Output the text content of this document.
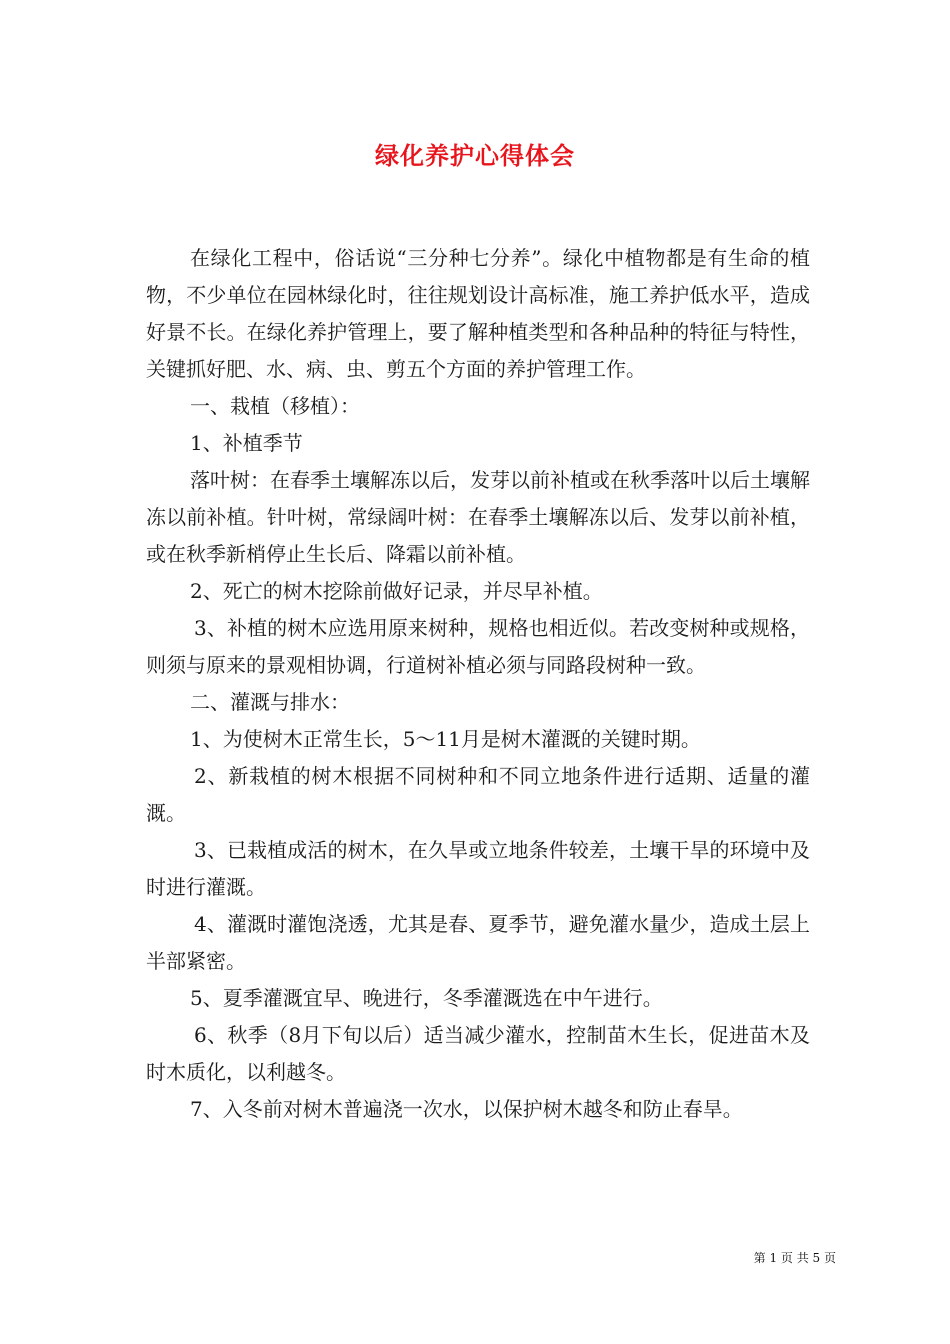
绿化养护心得体会

在绿化工程中，俗话说“三分种七分养”。绿化中植物都是有生命的植物，不少单位在园林绿化时，往往规划设计高标准，施工养护低水平，造成好景不长。在绿化养护管理上，要了解种植类型和各种品种的特征与特性，关键抓好肥、水、病、虫、剪五个方面的养护管理工作。

一、栽植（移植）：

1、补植季节

落叶树：在春季土壤解冻以后，发芽以前补植或在秋季落叶以后土壤解冻以前补植。针叶树，常绿阔叶树：在春季土壤解冻以后、发芽以前补植，或在秋季新梢停止生长后、降霜以前补植。

2、死亡的树木挖除前做好记录，并尽早补植。

3、补植的树木应选用原来树种，规格也相近似。若改变树种或规格，则须与原来的景观相协调，行道树补植必须与同路段树种一致。

二、灌溉与排水：

1、为使树木正常生长，5～11月是树木灌溉的关键时期。

2、新栽植的树木根据不同树种和不同立地条件进行适期、适量的灌溉。

3、已栽植成活的树木，在久旱或立地条件较差，土壤干旱的环境中及时进行灌溉。

4、灌溉时灌饱浇透，尤其是春、夏季节，避免灌水量少，造成土层上半部紧密。

5、夏季灌溉宜早、晚进行，冬季灌溉选在中午进行。

6、秋季（8月下旬以后）适当减少灌水，控制苗木生长，促进苗木及时木质化，以利越冬。

7、入冬前对树木普遍浇一次水，以保护树木越冬和防止春旱。

第 1 页 共 5 页
